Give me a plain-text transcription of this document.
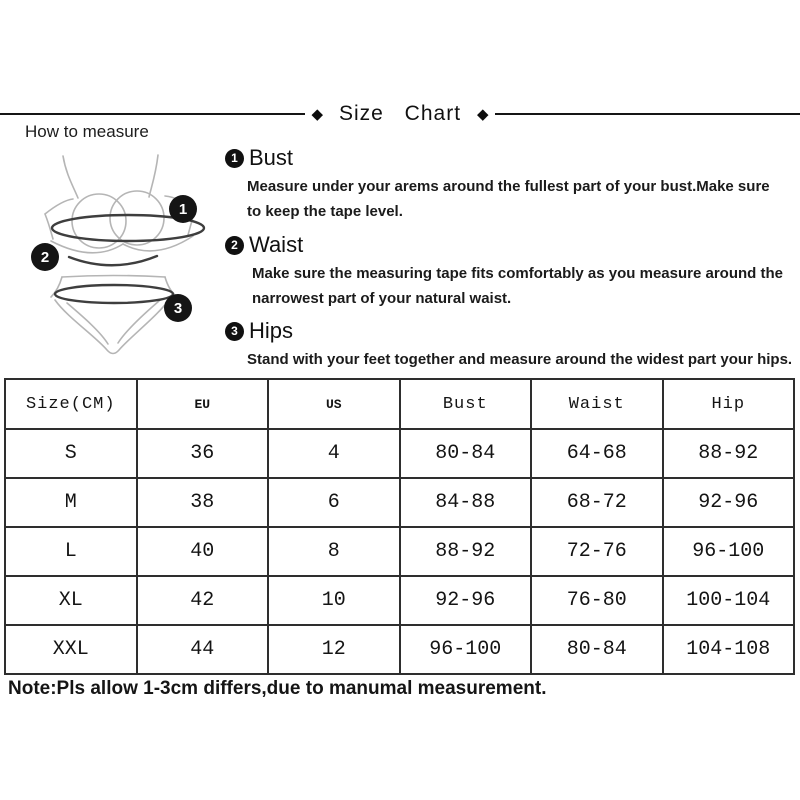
◆ Size Chart	◆
How to measure
1
2
3
1 Bust
Measure under your arems around the fullest part of your bust.Make sure
to keep the tape level.
2 Waist
Make sure the measuring tape fits comfortably as you measure around the
narrowest part of your natural waist.
3 Hips
Stand with your feet together and measure around the widest part your hips.
Size(CM)	EU	US	Bust	Waist	Hip
S	36	4	80-84	64-68	88-92
M	38	6	84-88	68-72	92-96
L	40	8	88-92	72-76	96-100
XL	42	10	92-96	76-80	100-104
XXL	44	12	96-100	80-84	104-108
Note:Pls allow 1-3cm differs,due to manumal measurement.
